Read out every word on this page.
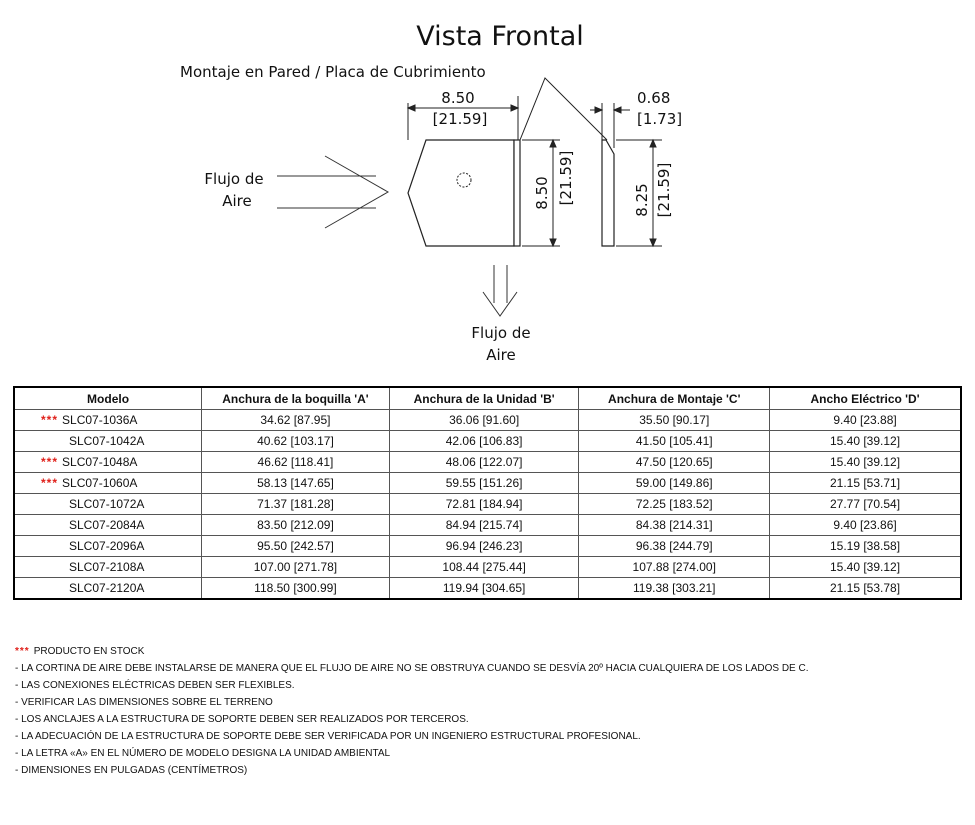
Vista Frontal
Montaje en Pared / Placa de Cubrimiento
8.50
[21.59]
0.68
[1.73]
8.50 [21.59]	8.25 [21.59]
Flujo de
Aire
Flujo de
Aire
Modelo	Anchura de la boquilla 'A'	Anchura de la Unidad 'B'	Anchura de Montaje 'C'	Ancho Eléctrico 'D'
*** SLC07-1036A	34.62 [87.95]	36.06 [91.60]	35.50 [90.17]	9.40 [23.88]
SLC07-1042A	40.62 [103.17]	42.06 [106.83]	41.50 [105.41]	15.40 [39.12]
*** SLC07-1048A	46.62 [118.41]	48.06 [122.07]	47.50 [120.65]	15.40 [39.12]
*** SLC07-1060A	58.13 [147.65]	59.55 [151.26]	59.00 [149.86]	21.15 [53.71]
SLC07-1072A	71.37 [181.28]	72.81 [184.94]	72.25 [183.52]	27.77 [70.54]
SLC07-2084A	83.50 [212.09]	84.94 [215.74]	84.38 [214.31]	9.40 [23.86]
SLC07-2096A	95.50 [242.57]	96.94 [246.23]	96.38 [244.79]	15.19 [38.58]
SLC07-2108A	107.00 [271.78]	108.44 [275.44]	107.88 [274.00]	15.40 [39.12]
SLC07-2120A	118.50 [300.99]	119.94 [304.65]	119.38 [303.21]	21.15 [53.78]
*** PRODUCTO EN STOCK
- LA CORTINA DE AIRE DEBE INSTALARSE DE MANERA QUE EL FLUJO DE AIRE NO SE OBSTRUYA CUANDO SE DESVÍA 20º HACIA CUALQUIERA DE LOS LADOS DE C.
- LAS CONEXIONES ELÉCTRICAS DEBEN SER FLEXIBLES.
- VERIFICAR LAS DIMENSIONES SOBRE EL TERRENO
- LOS ANCLAJES A LA ESTRUCTURA DE SOPORTE DEBEN SER REALIZADOS POR TERCEROS.
- LA ADECUACIÓN DE LA ESTRUCTURA DE SOPORTE DEBE SER VERIFICADA POR UN INGENIERO ESTRUCTURAL PROFESIONAL.
- LA LETRA «A» EN EL NÚMERO DE MODELO DESIGNA LA UNIDAD AMBIENTAL
- DIMENSIONES EN PULGADAS (CENTÍMETROS)
